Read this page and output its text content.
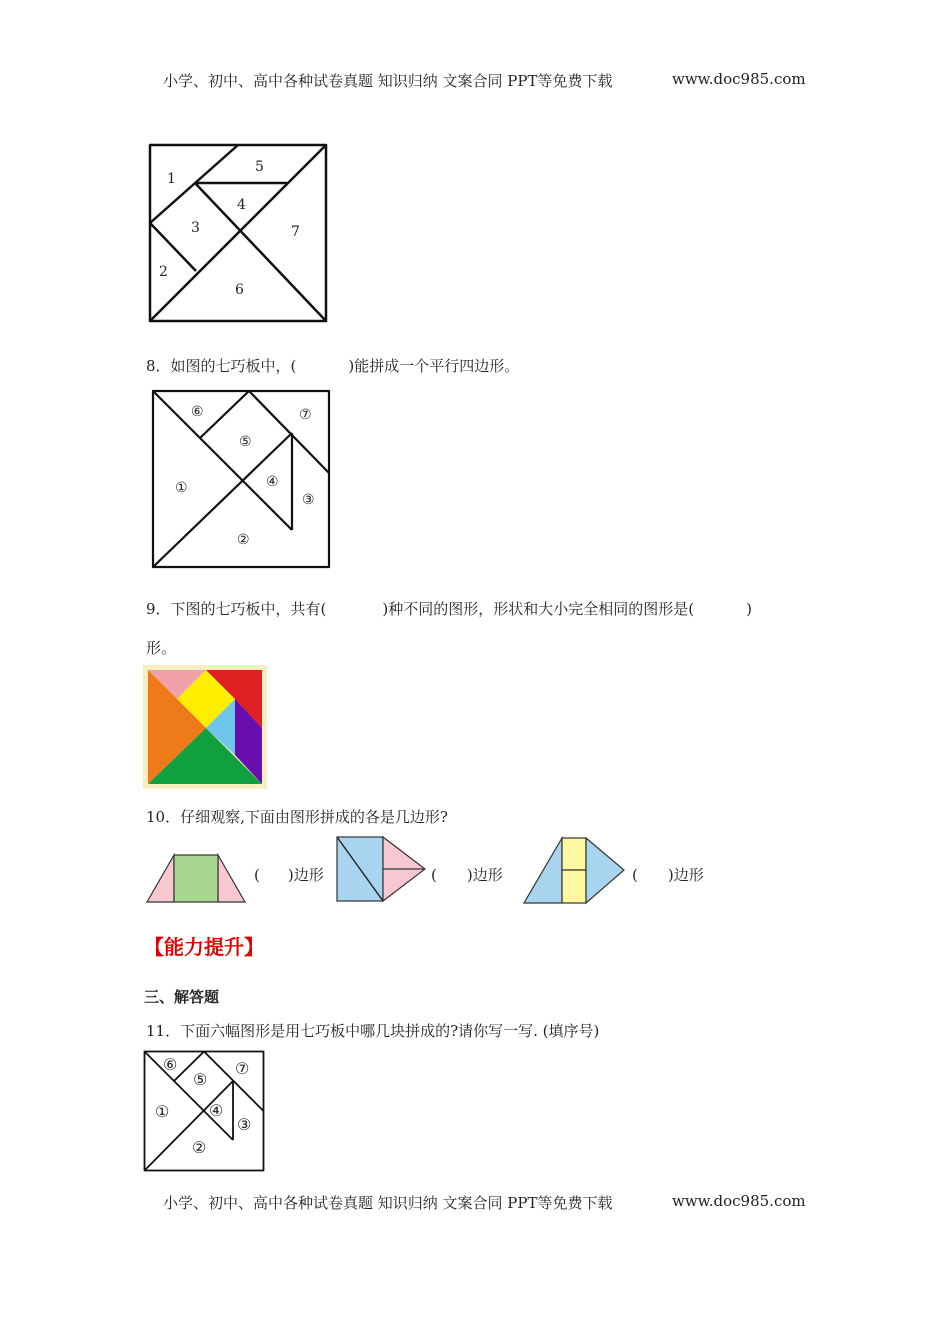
小学、初中、高中各种试卷真题 知识归纳 文案合同 PPT等免费下载	www.doc985.com
1
2
3
4
5
6
7
8．如图的七巧板中，(	)能拼成一个平行四边形。
⑥	⑦
⑤
④
③
①
②
9．下图的七巧板中，共有(	)种不同的图形，形状和大小完全相同的图形是(	)
形。
10．仔细观察,下面由图形拼成的各是几边形?
( )边形	( )边形	( )边形
【能力提升】
三、解答题
11．下面六幅图形是用七巧板中哪几块拼成的?请你写一写. (填序号)
⑥	⑦
⑤
④
③
①
②
小学、初中、高中各种试卷真题 知识归纳 文案合同 PPT等免费下载	www.doc985.com
